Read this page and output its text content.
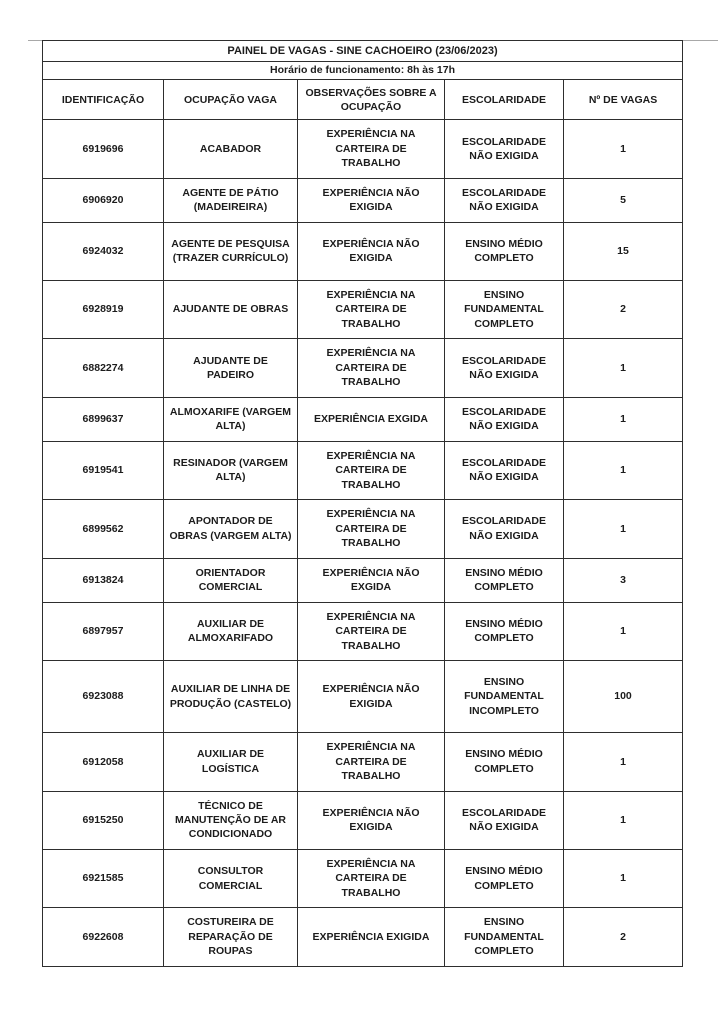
PAINEL DE VAGAS - SINE CACHOEIRO (23/06/2023)				
Horário de funcionamento: 8h às 17h				
IDENTIFICAÇÃO	OCUPAÇÃO VAGA	OBSERVAÇÕES SOBRE A OCUPAÇÃO	ESCOLARIDADE	Nº DE VAGAS
6919696	ACABADOR	EXPERIÊNCIA NA CARTEIRA DE TRABALHO	ESCOLARIDADE NÃO EXIGIDA	1
6906920	AGENTE DE PÁTIO (MADEIREIRA)	EXPERIÊNCIA NÃO EXIGIDA	ESCOLARIDADE NÃO EXIGIDA	5
6924032	AGENTE DE PESQUISA (TRAZER CURRÍCULO)	EXPERIÊNCIA NÃO EXIGIDA	ENSINO MÉDIO COMPLETO	15
6928919	AJUDANTE DE OBRAS	EXPERIÊNCIA NA CARTEIRA DE TRABALHO	ENSINO FUNDAMENTAL COMPLETO	2
6882274	AJUDANTE DE PADEIRO	EXPERIÊNCIA NA CARTEIRA DE TRABALHO	ESCOLARIDADE NÃO EXIGIDA	1
6899637	ALMOXARIFE (VARGEM ALTA)	EXPERIÊNCIA EXGIDA	ESCOLARIDADE NÃO EXIGIDA	1
6919541	RESINADOR (VARGEM ALTA)	EXPERIÊNCIA NA CARTEIRA DE TRABALHO	ESCOLARIDADE NÃO EXIGIDA	1
6899562	APONTADOR DE OBRAS (VARGEM ALTA)	EXPERIÊNCIA NA CARTEIRA DE TRABALHO	ESCOLARIDADE NÃO EXIGIDA	1
6913824	ORIENTADOR COMERCIAL	EXPERIÊNCIA NÃO EXGIDA	ENSINO MÉDIO COMPLETO	3
6897957	AUXILIAR DE ALMOXARIFADO	EXPERIÊNCIA NA CARTEIRA DE TRABALHO	ENSINO MÉDIO COMPLETO	1
6923088	AUXILIAR DE LINHA DE PRODUÇÃO (CASTELO)	EXPERIÊNCIA NÃO EXIGIDA	ENSINO FUNDAMENTAL INCOMPLETO	100
6912058	AUXILIAR DE LOGÍSTICA	EXPERIÊNCIA NA CARTEIRA DE TRABALHO	ENSINO MÉDIO COMPLETO	1
6915250	TÉCNICO DE MANUTENÇÃO DE AR CONDICIONADO	EXPERIÊNCIA NÃO EXIGIDA	ESCOLARIDADE NÃO EXIGIDA	1
6921585	CONSULTOR COMERCIAL	EXPERIÊNCIA NA CARTEIRA DE TRABALHO	ENSINO MÉDIO COMPLETO	1
6922608	COSTUREIRA DE REPARAÇÃO DE ROUPAS	EXPERIÊNCIA EXIGIDA	ENSINO FUNDAMENTAL COMPLETO	2
